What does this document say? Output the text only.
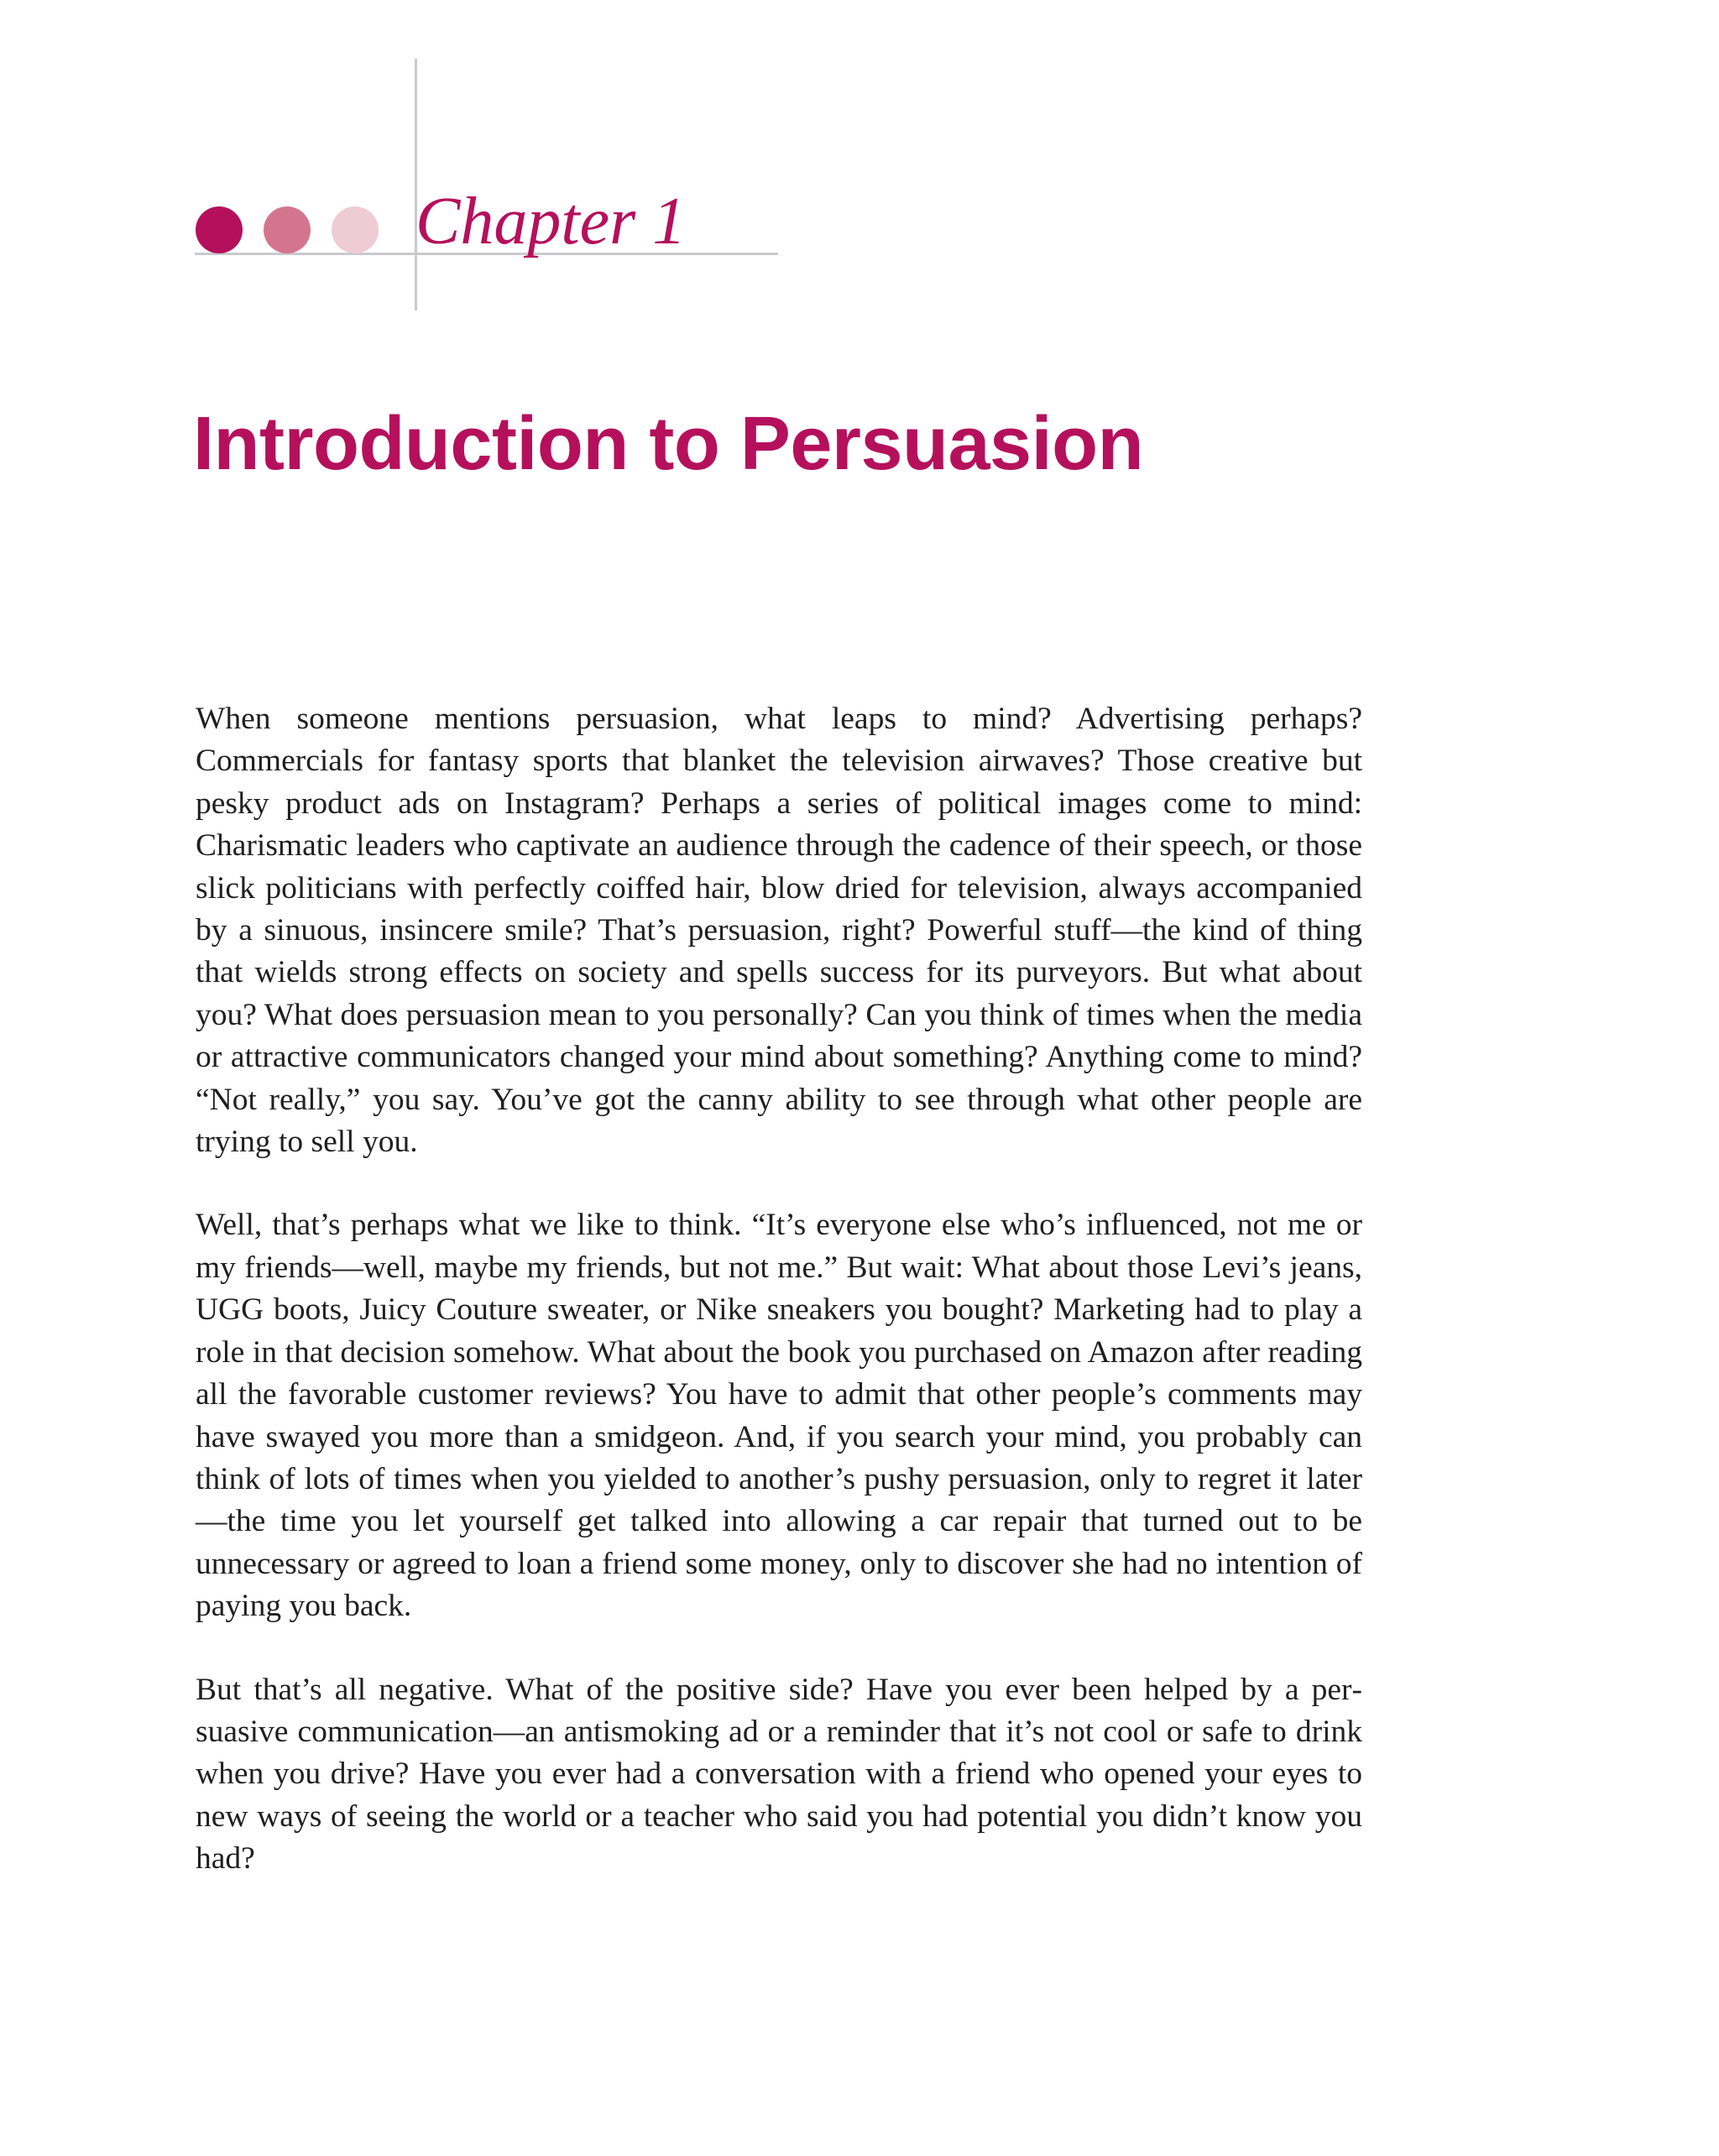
Chapter 1
Introduction to Persuasion

When someone mentions persuasion, what leaps to mind? Advertising perhaps? Commercials for fantasy sports that blanket the television airwaves? Those creative but pesky product ads on Instagram? Perhaps a series of political images come to mind: Charismatic leaders who captivate an audience through the cadence of their speech, or those slick politicians with perfectly coiffed hair, blow dried for television, always accompanied by a sinuous, insincere smile? That’s persuasion, right? Powerful stuff—the kind of thing that wields strong effects on society and spells success for its purveyors. But what about you? What does persuasion mean to you personally? Can you think of times when the media or attractive communicators changed your mind about something? Anything come to mind? “Not really,” you say. You’ve got the canny ability to see through what other people are trying to sell you.

Well, that’s perhaps what we like to think. “It’s everyone else who’s influenced, not me or my friends—well, maybe my friends, but not me.” But wait: What about those Levi’s jeans, UGG boots, Juicy Couture sweater, or Nike sneakers you bought? Marketing had to play a role in that decision somehow. What about the book you purchased on Amazon after reading all the favorable customer reviews? You have to admit that other people’s comments may have swayed you more than a smidgeon. And, if you search your mind, you probably can think of lots of times when you yielded to another’s pushy persuasion, only to regret it later—the time you let yourself get talked into allowing a car repair that turned out to be unnecessary or agreed to loan a friend some money, only to discover she had no intention of paying you back.

But that’s all negative. What of the positive side? Have you ever been helped by a persuasive communication—an antismoking ad or a reminder that it’s not cool or safe to drink when you drive? Have you ever had a conversation with a friend who opened your eyes to new ways of seeing the world or a teacher who said you had potential you didn’t know you had?
